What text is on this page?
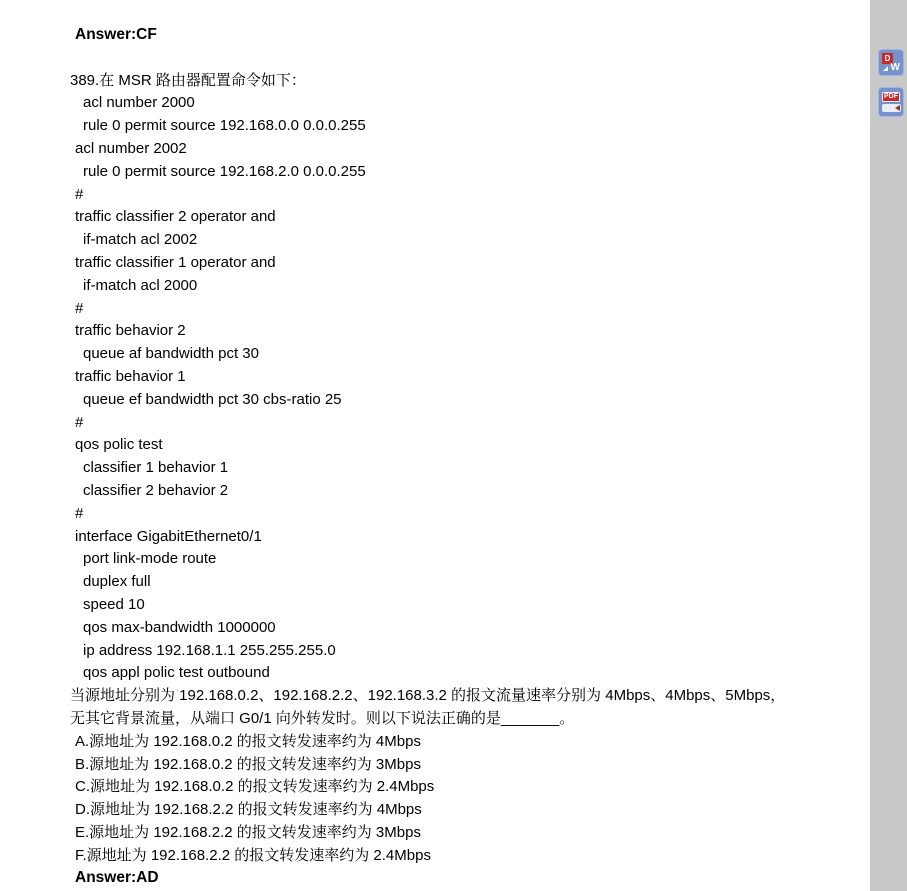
Answer:CF

389.在 MSR 路由器配置命令如下：
acl number 2000
rule 0 permit source 192.168.0.0 0.0.0.255
acl number 2002
rule 0 permit source 192.168.2.0 0.0.0.255
#
traffic classifier 2 operator and
if-match acl 2002
traffic classifier 1 operator and
if-match acl 2000
#
traffic behavior 2
queue af bandwidth pct 30
traffic behavior 1
queue ef bandwidth pct 30 cbs-ratio 25
#
qos polic test
classifier 1 behavior 1
classifier 2 behavior 2
#
interface GigabitEthernet0/1
port link-mode route
duplex full
speed 10
qos max-bandwidth 1000000
ip address 192.168.1.1 255.255.255.0
qos appl polic test outbound
当源地址分别为 192.168.0.2、192.168.2.2、192.168.3.2 的报文流量速率分别为 4Mbps、4Mbps、5Mbps，
无其它背景流量，从端口 G0/1 向外转发时。则以下说法正确的是_______。
A.源地址为 192.168.0.2 的报文转发速率约为 4Mbps
B.源地址为 192.168.0.2 的报文转发速率约为 3Mbps
C.源地址为 192.168.0.2 的报文转发速率约为 2.4Mbps
D.源地址为 192.168.2.2 的报文转发速率约为 4Mbps
E.源地址为 192.168.2.2 的报文转发速率约为 3Mbps
F.源地址为 192.168.2.2 的报文转发速率约为 2.4Mbps
Answer:AD
D
W
PDF
